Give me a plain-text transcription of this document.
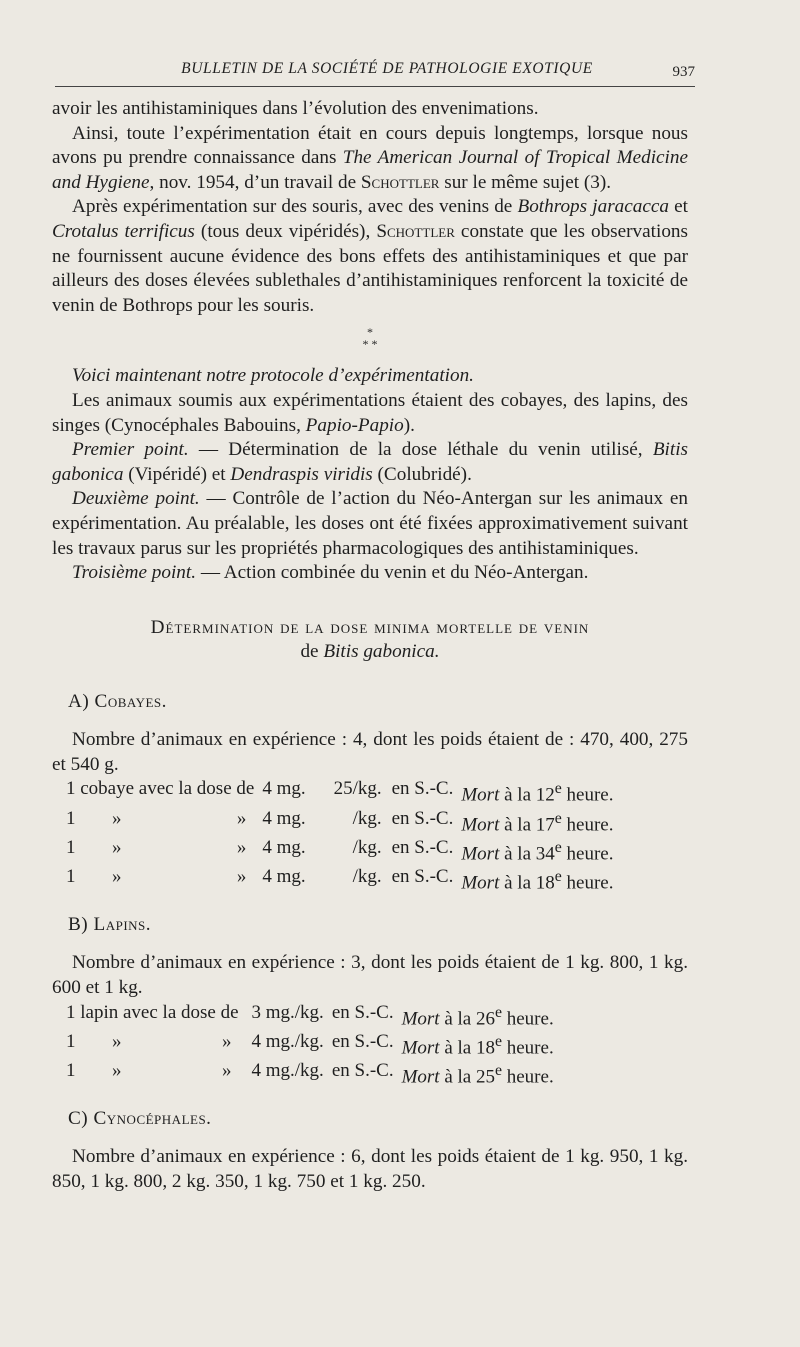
BULLETIN DE LA SOCIÉTÉ DE PATHOLOGIE EXOTIQUE	937

avoir les antihistaminiques dans l’évolution des envenimations.

Ainsi, toute l’expérimentation était en cours depuis longtemps, lorsque nous avons pu prendre connaissance dans The American Journal of Tropical Medicine and Hygiene, nov. 1954, d’un travail de Schottler sur le même sujet (3).

Après expérimentation sur des souris, avec des venins de Bothrops jaracacca et Crotalus terrificus (tous deux vipéridés), Schottler constate que les observations ne fournissent aucune évidence des bons effets des antihistaminiques et que par ailleurs des doses élevées sublethales d’antihistaminiques renforcent la toxicité de venin de Bothrops pour les souris.

*
* *

Voici maintenant notre protocole d’expérimentation.

Les animaux soumis aux expérimentations étaient des cobayes, des lapins, des singes (Cynocéphales Babouins, Papio-Papio).

Premier point. — Détermination de la dose léthale du venin utilisé, Bitis gabonica (Vipéridé) et Dendraspis viridis (Colubridé).

Deuxième point. — Contrôle de l’action du Néo-Antergan sur les animaux en expérimentation. Au préalable, les doses ont été fixées approximativement suivant les travaux parus sur les propriétés pharmacologiques des antihistaminiques.

Troisième point. — Action combinée du venin et du Néo-Antergan.

Détermination de la dose minima mortelle de venin
de Bitis gabonica.
A) Cobayes.

Nombre d’animaux en expérience : 4, dont les poids étaient de : 470, 400, 275 et 540 g.

1 cobaye avec la dose de			4 mg.	25/kg.	en S.-C.	Mort à la 12e heure.
1	»	»	4 mg.	/kg.	en S.-C.	Mort à la 17e heure.
1	»	»	4 mg.	/kg.	en S.-C.	Mort à la 34e heure.
1	»	»	4 mg.	/kg.	en S.-C.	Mort à la 18e heure.
B) Lapins.

Nombre d’animaux en expérience : 3, dont les poids étaient de 1 kg. 800, 1 kg. 600 et 1 kg.

1 lapin avec la dose de			3 mg./kg.	en S.-C.	Mort à la 26e heure.
1	»	»	4 mg./kg.	en S.-C.	Mort à la 18e heure.
1	»	»	4 mg./kg.	en S.-C.	Mort à la 25e heure.
C) Cynocéphales.

Nombre d’animaux en expérience : 6, dont les poids étaient de 1 kg. 950, 1 kg. 850, 1 kg. 800, 2 kg. 350, 1 kg. 750 et 1 kg. 250.
